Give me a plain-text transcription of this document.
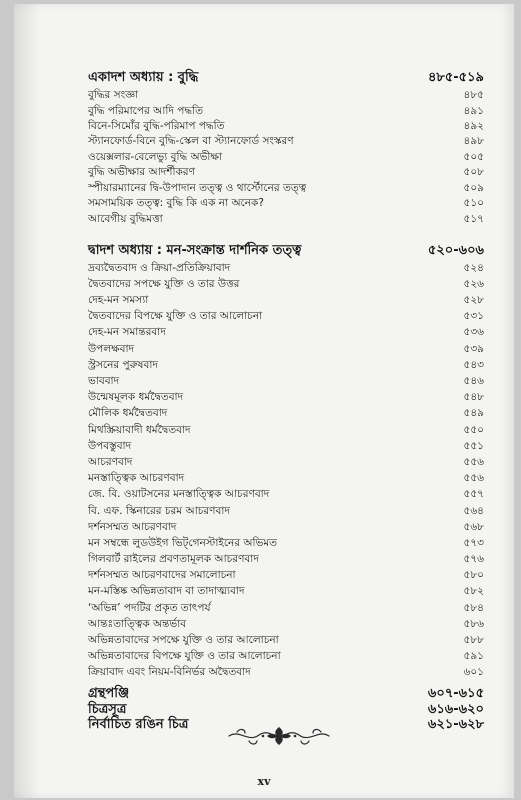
একাদশ অধ্যায় : বুদ্ধি	৪৮৫-৫১৯
বুদ্ধির সংজ্ঞা	৪৮৫
বুদ্ধি পরিমাপের আদি পদ্ধতি	৪৯১
বিনে-সিমোঁর বুদ্ধি-পরিমাপ পদ্ধতি	৪৯২
স্ট্যানফোর্ড-বিনে বুদ্ধি-স্কেল বা স্ট্যানফোর্ড সংস্করণ	৪৯৮
ওয়েক্সলার-বেলেভ্যু বুদ্ধি অভীক্ষা	৫০৫
বুদ্ধি অভীক্ষার আদর্শীকরণ	৫০৮
স্পীয়ারম্যানের দ্বি-উপাদান তত্ত্ব ও থার্স্টোনের তত্ত্ব	৫০৯
সমসাময়িক তত্ত্ব: বুদ্ধি কি এক না অনেক?	৫১০
আবেগীয় বুদ্ধিমত্তা	৫১৭
দ্বাদশ অধ্যায় : মন-সংক্রান্ত দার্শনিক তত্ত্ব	৫২০-৬০৬
দ্রব্যদ্বৈতবাদ ও ক্রিয়া-প্রতিক্রিয়াবাদ	৫২৪
দ্বৈতবাদের সপক্ষে যুক্তি ও তার উত্তর	৫২৬
দেহ-মন সমস্যা	৫২৮
দ্বৈতবাদের বিপক্ষে যুক্তি ও তার আলোচনা	৫৩১
দেহ-মন সমান্তরবাদ	৫৩৬
উপলক্ষবাদ	৫৩৯
স্ট্রসনের পুরুষবাদ	৫৪৩
ভাববাদ	৫৪৬
উন্মেষমূলক ধর্মদ্বৈতবাদ	৫৪৮
মৌলিক ধর্মদ্বৈতবাদ	৫৪৯
মিথস্ক্রিয়াবাদী ধর্মদ্বৈতবাদ	৫৫০
উপবস্তুবাদ	৫৫১
আচরণবাদ	৫৫৬
মনস্তাত্ত্বিক আচরণবাদ	৫৫৬
জে. বি. ওয়াটসনের মনস্তাত্ত্বিক আচরণবাদ	৫৫৭
বি. এফ. স্কিনারের চরম আচরণবাদ	৫৬৪
দর্শনসম্মত আচরণবাদ	৫৬৮
মন সম্বন্ধে লুডউইগ ভিট্‌গেনস্টাইনের অভিমত	৫৭৩
গিলবার্ট রাইলের প্রবণতামূলক আচরণবাদ	৫৭৬
দর্শনসম্মত আচরণবাদের সমালোচনা	৫৮০
মন-মস্তিষ্ক অভিন্নতাবাদ বা তাদাত্ম্যবাদ	৫৮২
‘অভিন্ন’ পদটির প্রকৃত তাৎপর্য	৫৮৪
আন্তঃতাত্ত্বিক অন্তর্ভাব	৫৮৬
অভিন্নতাবাদের সপক্ষে যুক্তি ও তার আলোচনা	৫৮৮
অভিন্নতাবাদের বিপক্ষে যুক্তি ও তার আলোচনা	৫৯১
ক্রিয়াবাদ এবং নিয়ম-বিনির্ভর অদ্বৈতবাদ	৬০১
গ্রন্থপঞ্জি	৬০৭-৬১৫
চিত্রসূত্র	৬১৬-৬২০
নির্বাচিত রঙিন চিত্র	৬২১-৬২৮
xv
